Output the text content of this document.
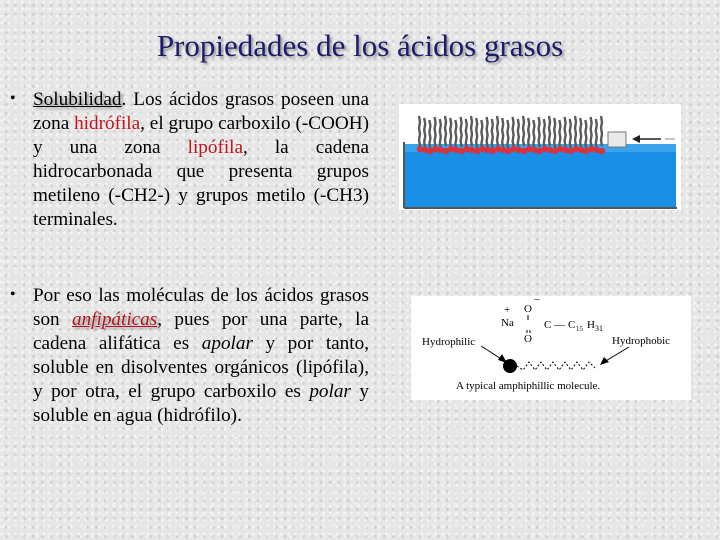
Propiedades de los ácidos grasos
• Solubilidad. Los ácidos grasos poseen una zona hidrófila, el grupo carboxilo (-COOH) y una zona lipófila, la cadena hidrocarbonada que presenta grupos metileno (-CH2-) y grupos metilo (-CH3) terminales.
• Por eso las moléculas de los ácidos grasos son anfipáticas, pues por una parte, la cadena alifática es apolar y por tanto, soluble en disolventes orgánicos (lipófila), y por otra, el grupo carboxilo es polar y soluble en agua (hidrófilo).
+
Na
−
O
O
C — C 15 H 31
Hydrophilic	Hydrophobic
A typical amphiphillic molecule.
